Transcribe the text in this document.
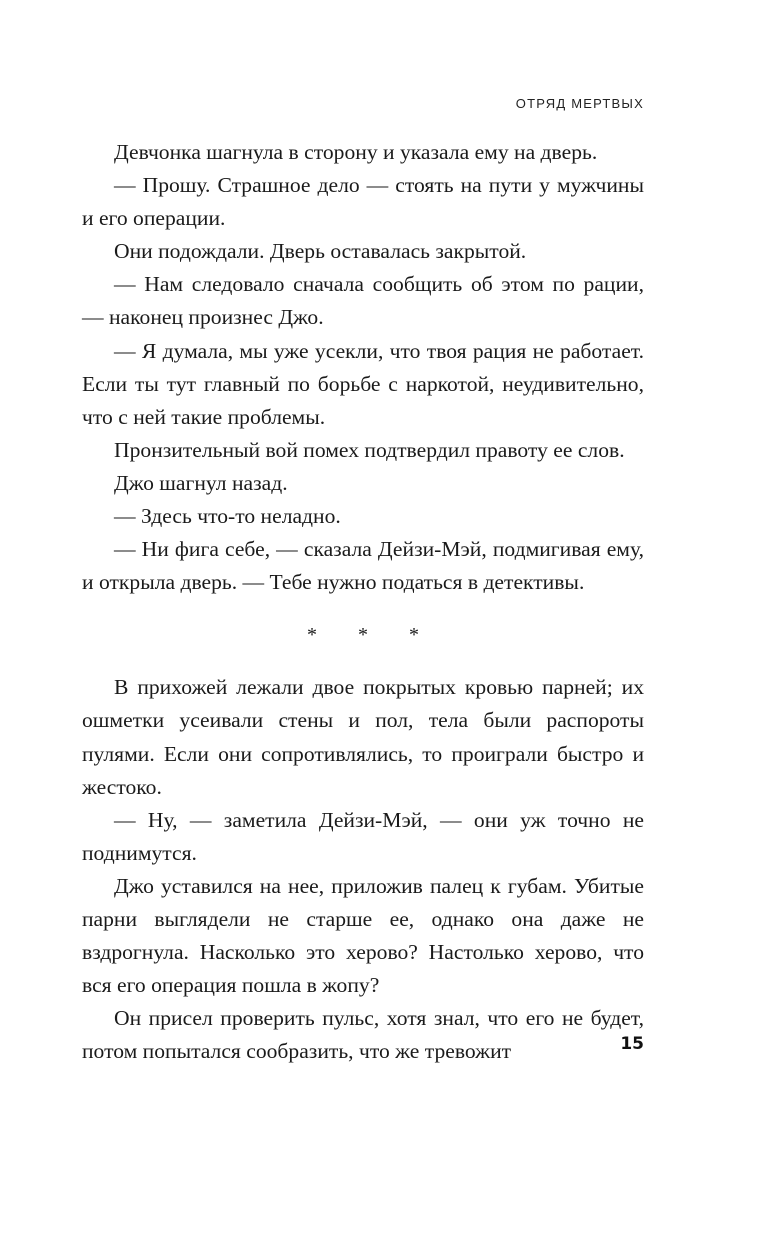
ОТРЯД МЕРТВЫХ

Девчонка шагнула в сторону и указала ему на дверь.

— Прошу. Страшное дело — стоять на пути у мужчины и его операции.

Они подождали. Дверь оставалась закрытой.

— Нам следовало сначала сообщить об этом по рации, — наконец произнес Джо.

— Я думала, мы уже усекли, что твоя рация не работает. Если ты тут главный по борьбе с наркотой, неудивительно, что с ней такие проблемы.

Пронзительный вой помех подтвердил правоту ее слов.

Джо шагнул назад.

— Здесь что-то неладно.

— Ни фига себе, — сказала Дейзи-Мэй, подмигивая ему, и открыла дверь. — Тебе нужно податься в детективы.

* * *

В прихожей лежали двое покрытых кровью парней; их ошметки усеивали стены и пол, тела были распороты пулями. Если они сопротивлялись, то проиграли быстро и жестоко.

— Ну, — заметила Дейзи-Мэй, — они уж точно не поднимутся.

Джо уставился на нее, приложив палец к губам. Убитые парни выглядели не старше ее, однако она даже не вздрогнула. Насколько это херово? Настолько херово, что вся его операция пошла в жопу?

Он присел проверить пульс, хотя знал, что его не будет, потом попытался сообразить, что же тревожит	15
